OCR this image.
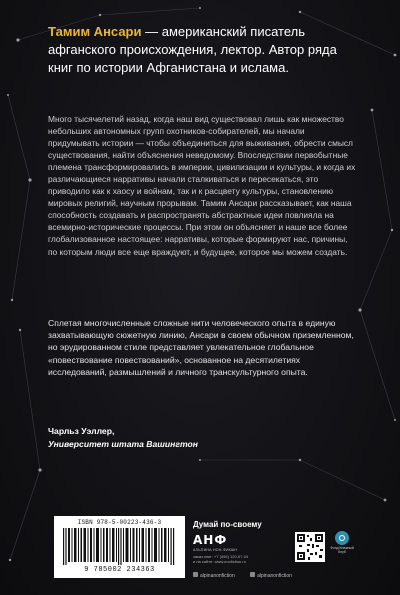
Тамим Ансари — американский писатель афганского происхождения, лектор. Автор ряда книг по истории Афганистана и ислама.

Много тысячелетий назад, когда наш вид существовал лишь как множество небольших автономных групп охотников-собирателей, мы начали придумывать истории — чтобы объединиться для выживания, обрести смысл существования, найти объяснения неведомому. Впоследствии первобытные племена трансформировались в империи, цивилизации и культуры, и когда их различающиеся нарративы начали сталкиваться и пересекаться, это приводило как к хаосу и войнам, так и к расцвету культуры, становлению мировых религий, научным прорывам. Тамим Ансари рассказывает, как наша способность создавать и распространять абстрактные идеи повлияла на всемирно-исторические процессы. При этом он объясняет и наше все более глобализованное настоящее: нарративы, которые формируют нас, причины, по которым люди все еще враждуют, и будущее, которое мы можем создать.

Сплетая многочисленные сложные нити человеческого опыта в единую захватывающую сюжетную линию, Ансари в своем обычном приземленном, но эрудированном стиле представляет увлекательное глобальное «повествование повествований», основанное на десятилетиях исследований, размышлений и личного транскультурного опыта.

Чарльз Уэллер,
Университет штата Вашингтон
ISBN 978-5-00223-436-3
9 785002 234363
Думай по-своему
АНФ
АЛЬПИНА НОН-ФИКШН
заказ книг: +7 (495) 120-07-04
и на сайте: www.nonfiction.ru
Фонд Книжный Клуб
alpinanonfiction	alpinanonfiction
